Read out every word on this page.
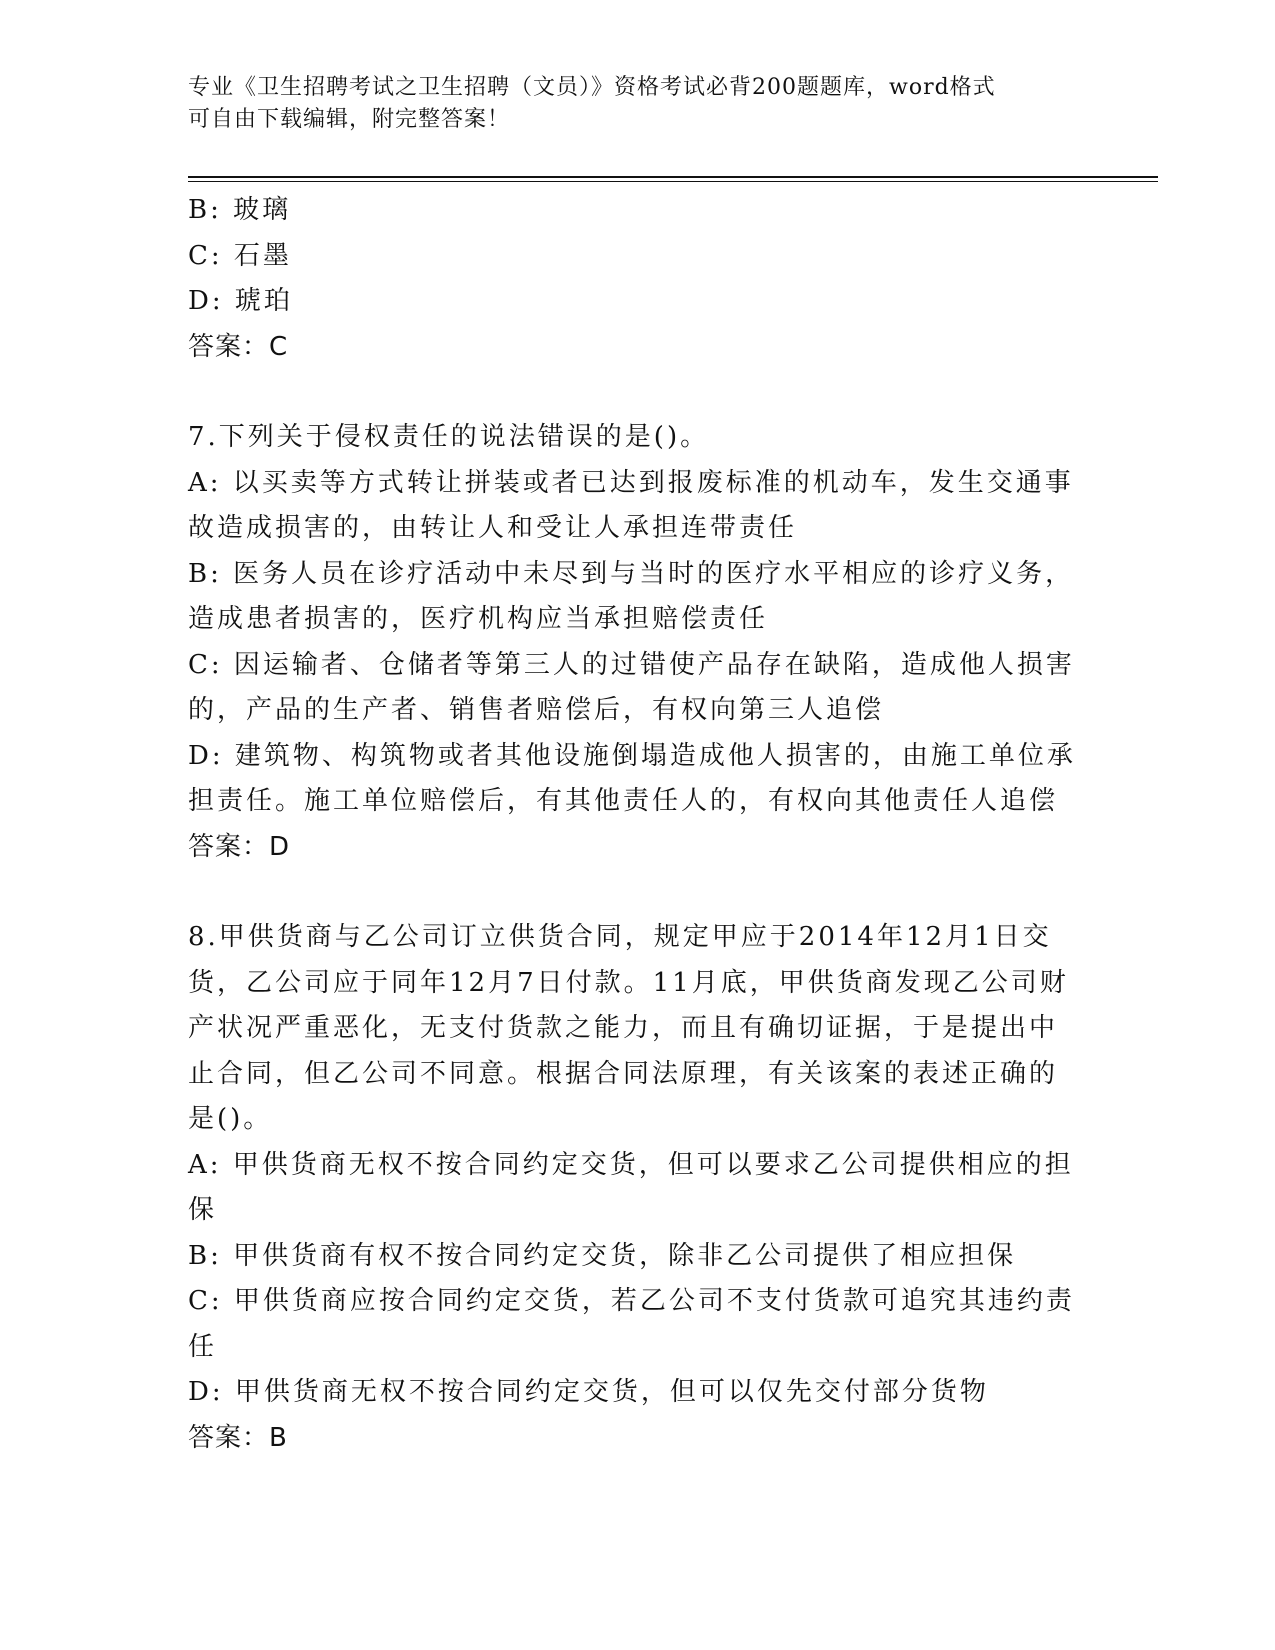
专业《卫生招聘考试之卫生招聘（文员）》资格考试必背200题题库，word格式
可自由下载编辑，附完整答案！
B: 玻璃
C: 石墨
D: 琥珀
答案：C
7.下列关于侵权责任的说法错误的是()。
A: 以买卖等方式转让拼装或者已达到报废标准的机动车，发生交通事
故造成损害的，由转让人和受让人承担连带责任
B: 医务人员在诊疗活动中未尽到与当时的医疗水平相应的诊疗义务，
造成患者损害的，医疗机构应当承担赔偿责任
C: 因运输者、仓储者等第三人的过错使产品存在缺陷，造成他人损害
的，产品的生产者、销售者赔偿后，有权向第三人追偿
D: 建筑物、构筑物或者其他设施倒塌造成他人损害的，由施工单位承
担责任。施工单位赔偿后，有其他责任人的，有权向其他责任人追偿
答案：D
8.甲供货商与乙公司订立供货合同，规定甲应于2014年12月1日交
货，乙公司应于同年12月7日付款。11月底，甲供货商发现乙公司财
产状况严重恶化，无支付货款之能力，而且有确切证据，于是提出中
止合同，但乙公司不同意。根据合同法原理，有关该案的表述正确的
是()。
A: 甲供货商无权不按合同约定交货，但可以要求乙公司提供相应的担
保
B: 甲供货商有权不按合同约定交货，除非乙公司提供了相应担保
C: 甲供货商应按合同约定交货，若乙公司不支付货款可追究其违约责
任
D: 甲供货商无权不按合同约定交货，但可以仅先交付部分货物
答案：B
